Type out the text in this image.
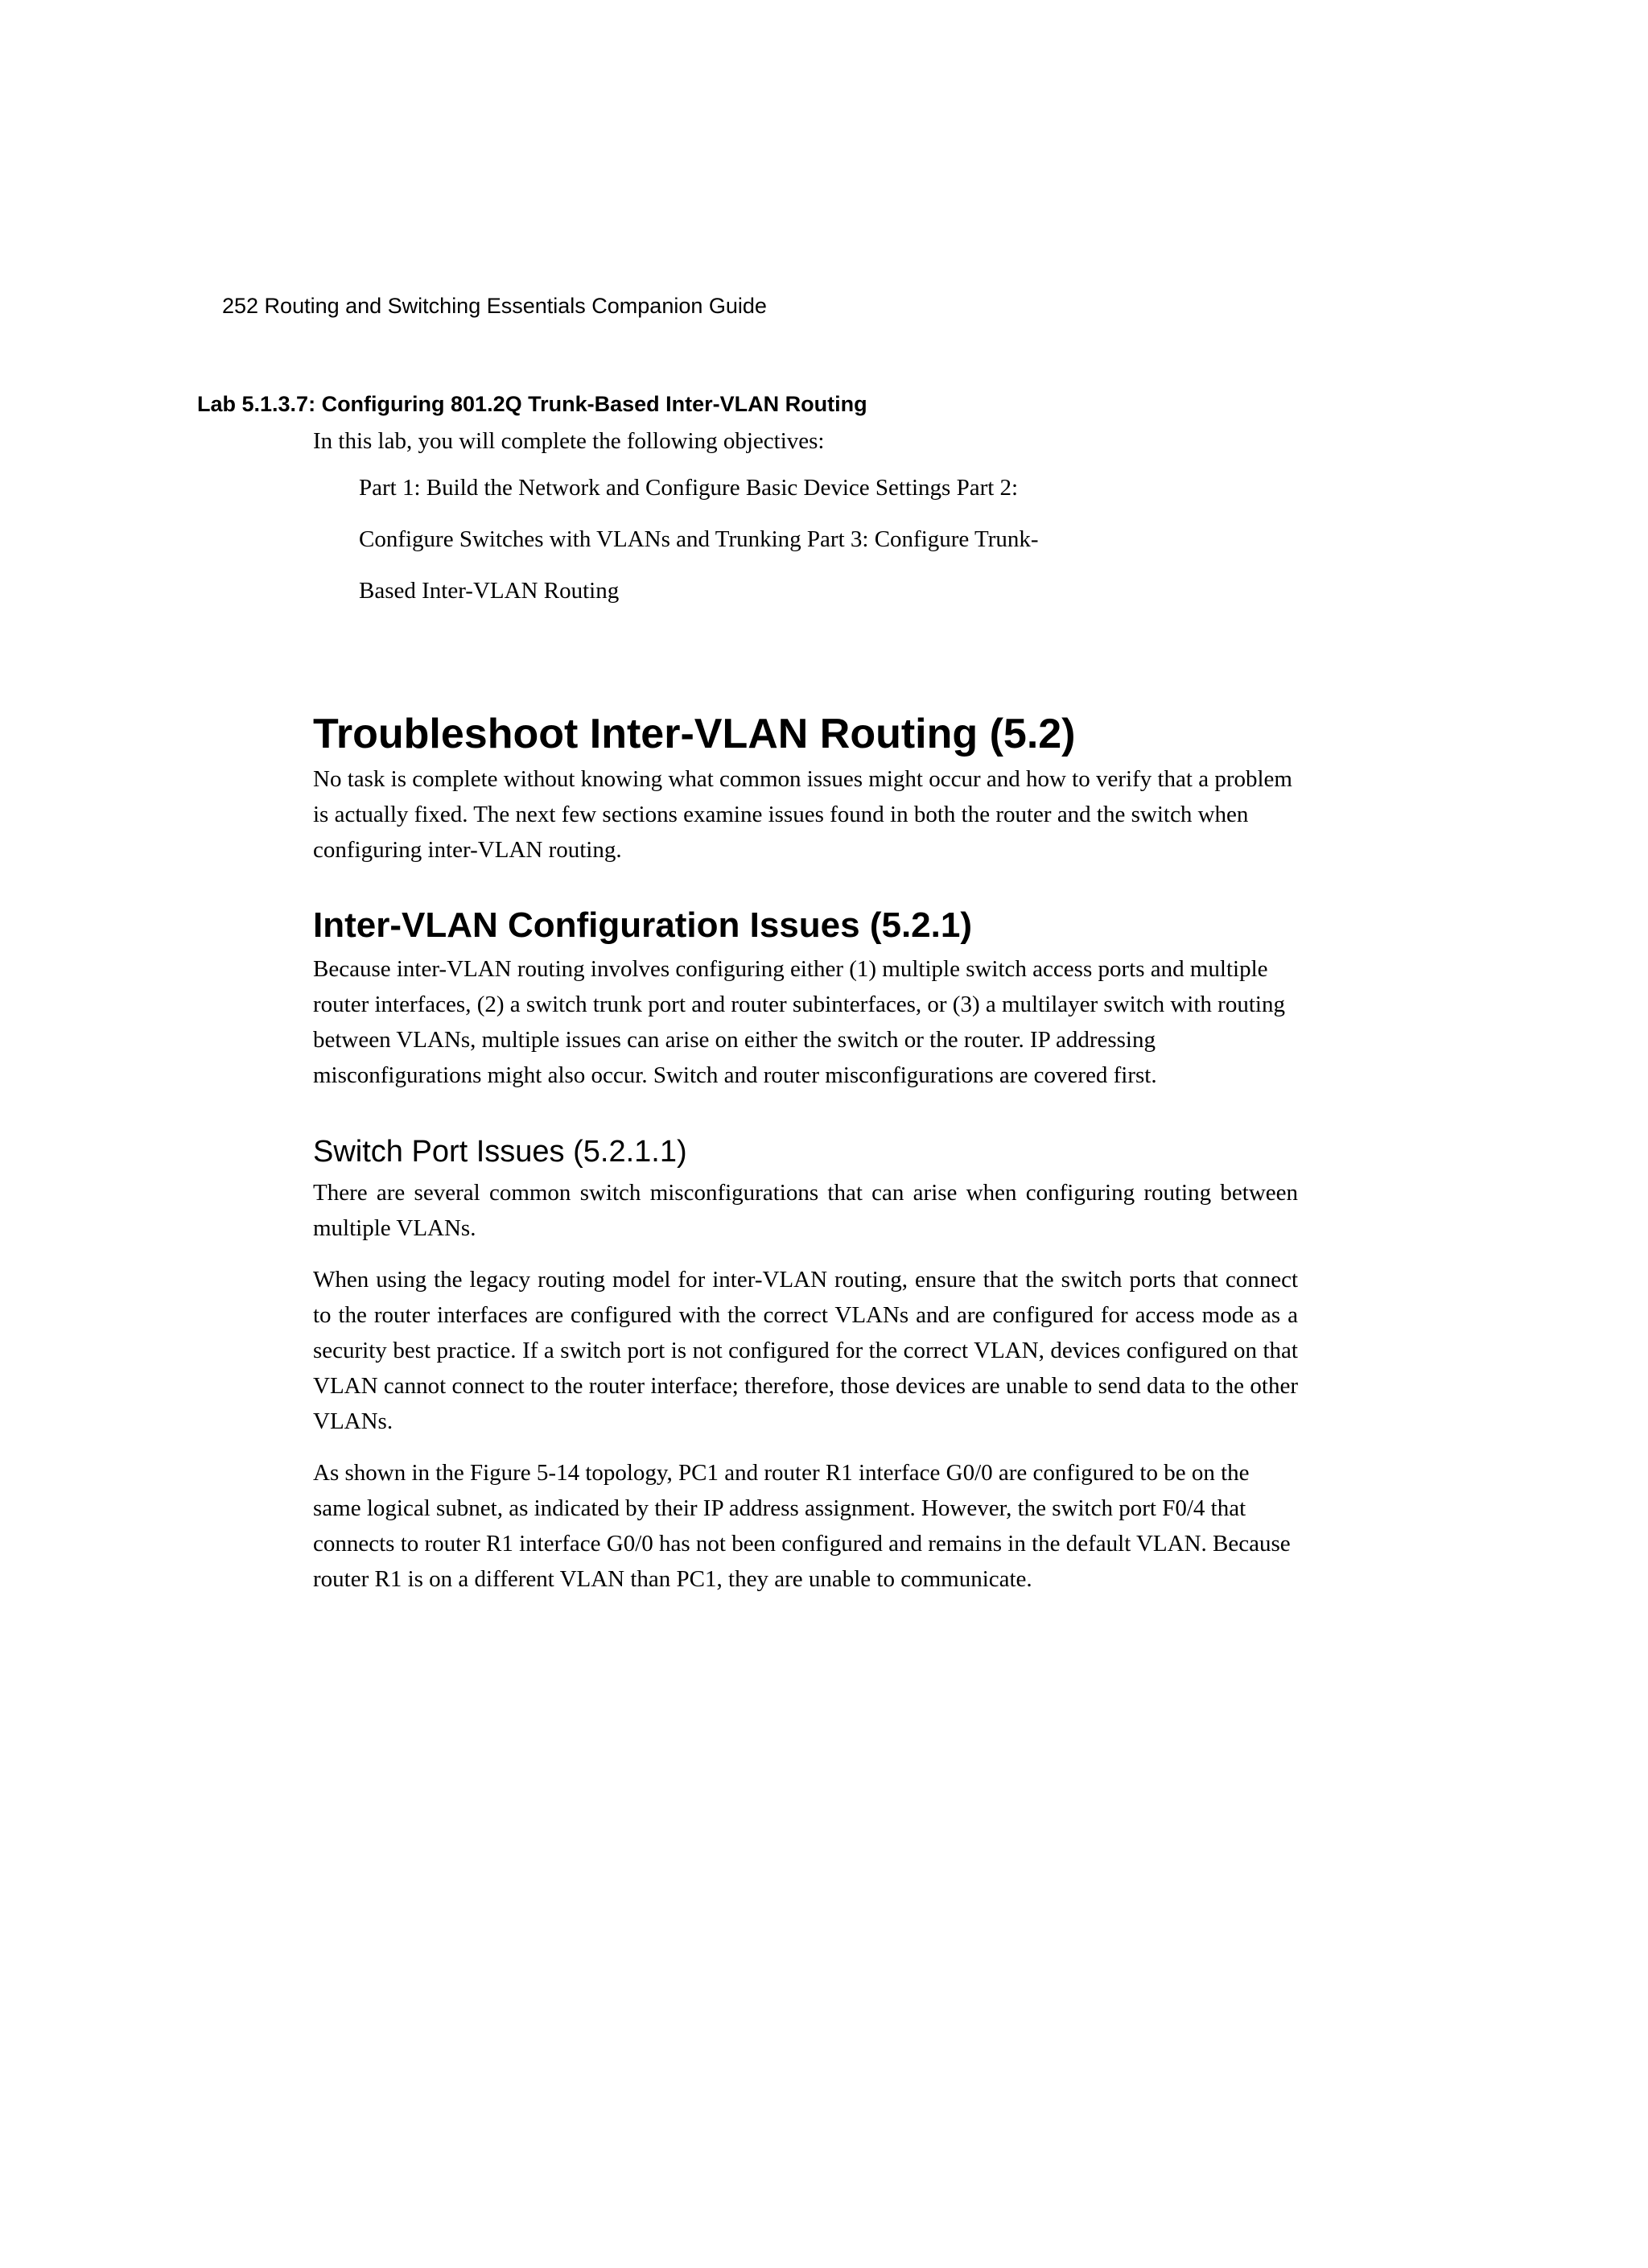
252 Routing and Switching Essentials Companion Guide
Lab 5.1.3.7: Configuring 801.2Q Trunk-Based Inter-VLAN Routing
In this lab, you will complete the following objectives:
Part 1: Build the Network and Configure Basic Device Settings Part 2:
Configure Switches with VLANs and Trunking Part 3: Configure Trunk-
Based Inter-VLAN Routing
Troubleshoot Inter-VLAN Routing (5.2)

No task is complete without knowing what common issues might occur and how to verify that a problem is actually fixed. The next few sections examine issues found in both the router and the switch when configuring inter-VLAN routing.

Inter-VLAN Configuration Issues (5.2.1)

Because inter-VLAN routing involves configuring either (1) multiple switch access ports and multiple router interfaces, (2) a switch trunk port and router subinterfaces, or (3) a multilayer switch with routing between VLANs, multiple issues can arise on either the switch or the router. IP addressing misconfigurations might also occur. Switch and router misconfigurations are covered first.

Switch Port Issues (5.2.1.1)

There are several common switch misconfigurations that can arise when configuring routing between multiple VLANs.

When using the legacy routing model for inter-VLAN routing, ensure that the switch ports that connect to the router interfaces are configured with the correct VLANs and are configured for access mode as a security best practice. If a switch port is not configured for the correct VLAN, devices configured on that VLAN cannot connect to the router interface; therefore, those devices are unable to send data to the other VLANs.

As shown in the Figure 5-14 topology, PC1 and router R1 interface G0/0 are configured to be on the same logical subnet, as indicated by their IP address assignment. However, the switch port F0/4 that connects to router R1 interface G0/0 has not been configured and remains in the default VLAN. Because router R1 is on a different VLAN than PC1, they are unable to communicate.
